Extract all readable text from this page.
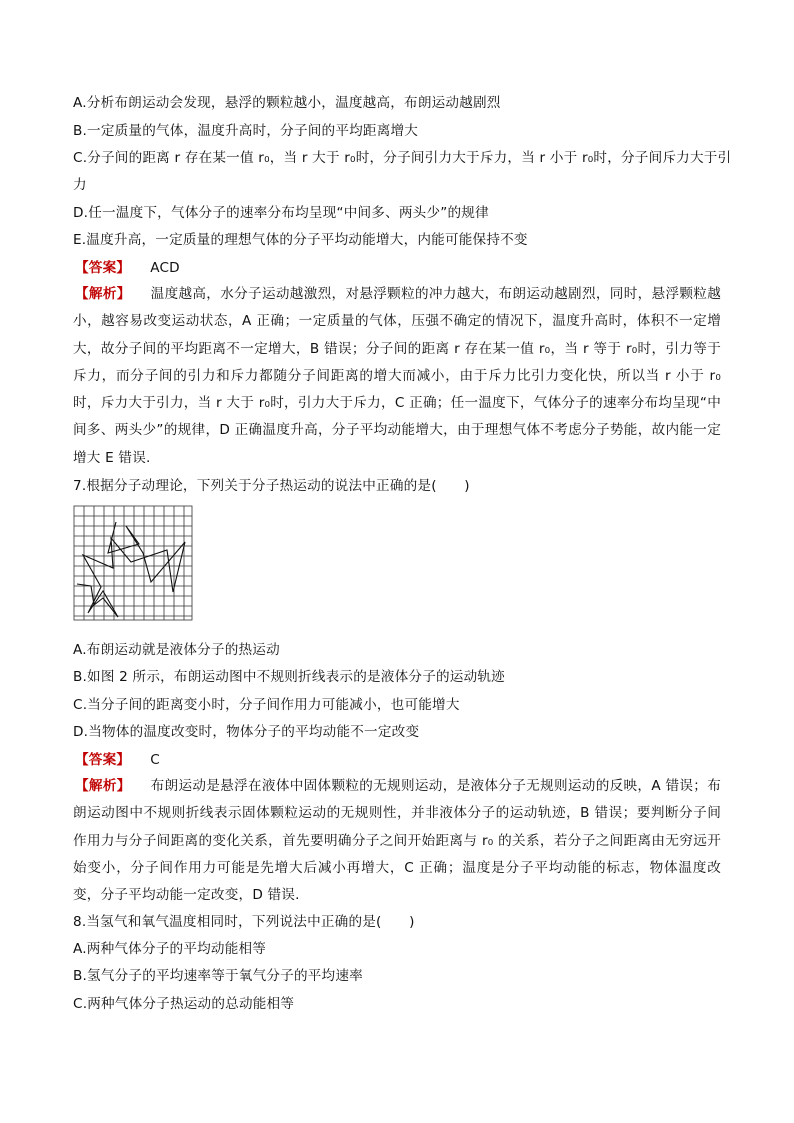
A.分析布朗运动会发现，悬浮的颗粒越小，温度越高，布朗运动越剧烈
B.一定质量的气体，温度升高时，分子间的平均距离增大
C.分子间的距离 r 存在某一值 r₀，当 r 大于 r₀时，分子间引力大于斥力，当 r 小于 r₀时，分子间斥力大于引
力
D.任一温度下，气体分子的速率分布均呈现“中间多、两头少”的规律
E.温度升高，一定质量的理想气体的分子平均动能增大，内能可能保持不变
【答案】 ACD
【解析】 温度越高，水分子运动越激烈，对悬浮颗粒的冲力越大，布朗运动越剧烈，同时，悬浮颗粒越小，越容易改变运动状态，A 正确；一定质量的气体，压强不确定的情况下，温度升高时，体积不一定增大，故分子间的平均距离不一定增大，B 错误；分子间的距离 r 存在某一值 r₀，当 r 等于 r₀时，引力等于斥力，而分子间的引力和斥力都随分子间距离的增大而减小，由于斥力比引力变化快，所以当 r 小于 r₀时，斥力大于引力，当 r 大于 r₀时，引力大于斥力，C 正确；任一温度下，气体分子的速率分布均呈现“中间多、两头少”的规律，D 正确温度升高，分子平均动能增大，由于理想气体不考虑分子势能，故内能一定增大 E 错误.
7.根据分子动理论，下列关于分子热运动的说法中正确的是(　　)
A.布朗运动就是液体分子的热运动
B.如图 2 所示，布朗运动图中不规则折线表示的是液体分子的运动轨迹
C.当分子间的距离变小时，分子间作用力可能减小，也可能增大
D.当物体的温度改变时，物体分子的平均动能不一定改变
【答案】 C
【解析】 布朗运动是悬浮在液体中固体颗粒的无规则运动，是液体分子无规则运动的反映，A 错误；布朗运动图中不规则折线表示固体颗粒运动的无规则性，并非液体分子的运动轨迹，B 错误；要判断分子间作用力与分子间距离的变化关系，首先要明确分子之间开始距离与 r₀ 的关系，若分子之间距离由无穷远开始变小，分子间作用力可能是先增大后减小再增大，C 正确；温度是分子平均动能的标志，物体温度改变，分子平均动能一定改变，D 错误.
8.当氢气和氧气温度相同时，下列说法中正确的是(　　)
A.两种气体分子的平均动能相等
B.氢气分子的平均速率等于氧气分子的平均速率
C.两种气体分子热运动的总动能相等
